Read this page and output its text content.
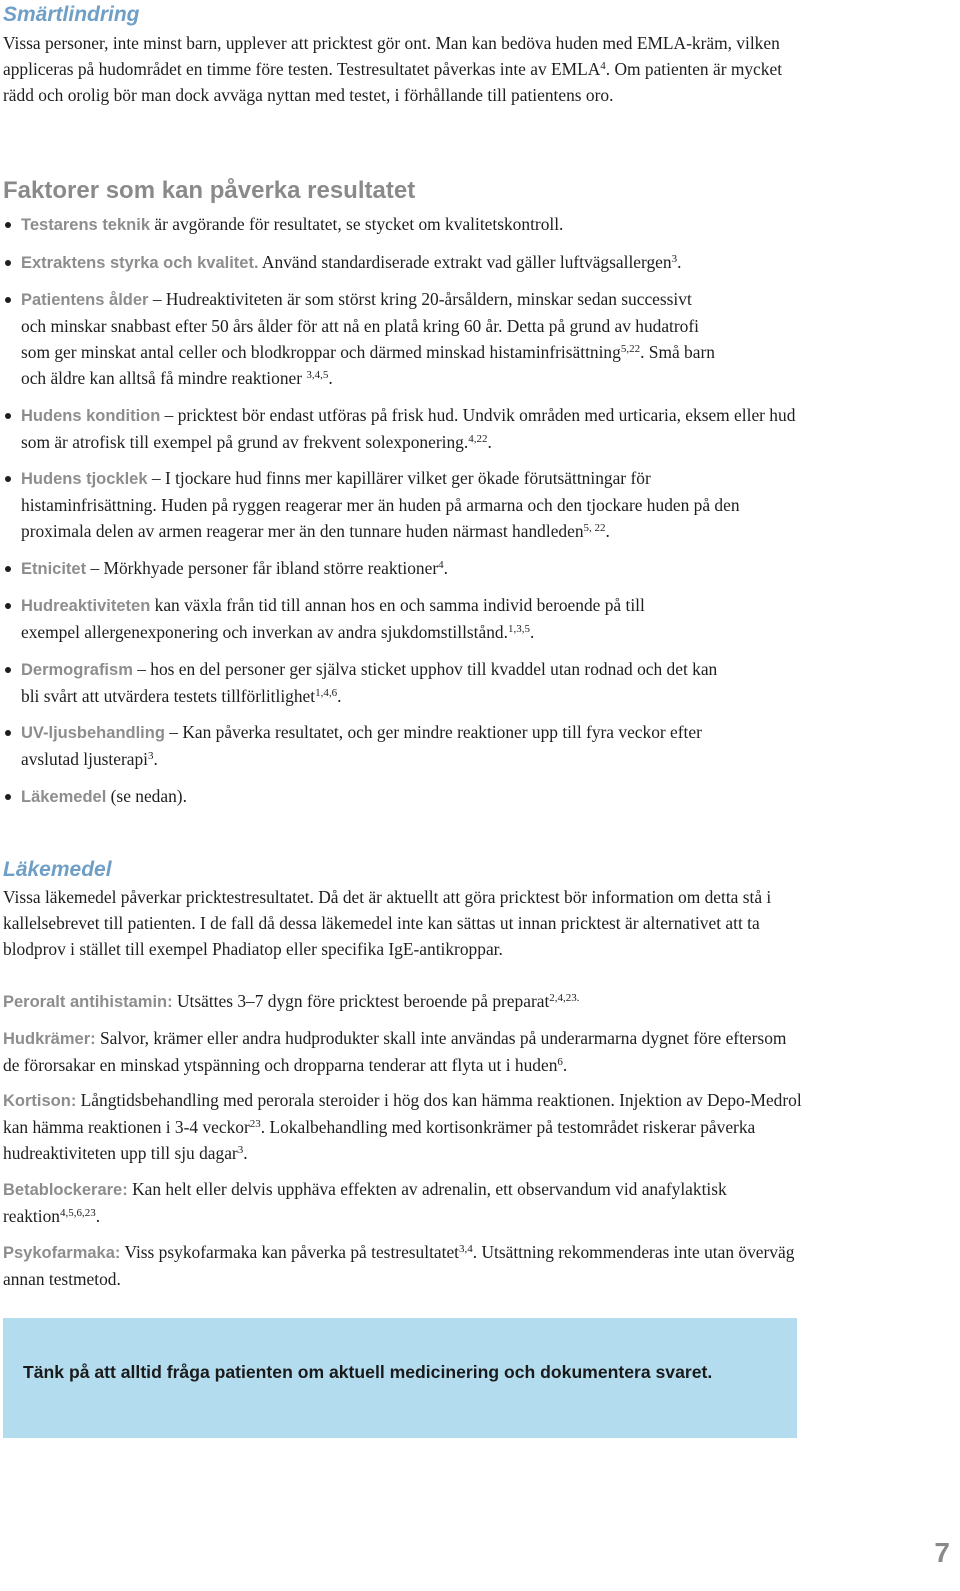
Smärtlindring

Vissa personer, inte minst barn, upplever att pricktest gör ont. Man kan bedöva huden med EMLA-kräm, vilken appliceras på hudområdet en timme före testen. Testresultatet påverkas inte av EMLA$^4$. Om patienten är mycket rädd och orolig bör man dock avväga nyttan med testet, i förhållande till patientens oro.

Faktorer som kan påverka resultatet
Testarens teknik är avgörande för resultatet, se stycket om kvalitetskontroll.
Extraktens styrka och kvalitet. Använd standardiserade extrakt vad gäller luftvägsallergen$^3$.
Patientens ålder – Hudreaktiviteten är som störst kring 20-årsåldern, minskar sedan successivt och minskar snabbast efter 50 års ålder för att nå en platå kring 60 år. Detta på grund av hudatrofi som ger minskat antal celler och blodkroppar och därmed minskad histaminfrisättning$^{5,22}$. Små barn och äldre kan alltså få mindre reaktioner $^{3,4,5}$.
Hudens kondition – pricktest bör endast utföras på frisk hud. Undvik områden med urticaria, eksem eller hud som är atrofisk till exempel på grund av frekvent solexponering.$^{4,22}$.
Hudens tjocklek – I tjockare hud finns mer kapillärer vilket ger ökade förutsättningar för histaminfrisättning. Huden på ryggen reagerar mer än huden på armarna och den tjockare huden på den proximala delen av armen reagerar mer än den tunnare huden närmast handleden$^{5, 22}$.
Etnicitet – Mörkhyade personer får ibland större reaktioner$^4$.
Hudreaktiviteten kan växla från tid till annan hos en och samma individ beroende på till exempel allergenexponering och inverkan av andra sjukdomstillstånd.$^{1,3,5}$.
Dermografism – hos en del personer ger själva sticket upphov till kvaddel utan rodnad och det kan bli svårt att utvärdera testets tillförlitlighet$^{1,4,6}$.
UV-ljusbehandling – Kan påverka resultatet, och ger mindre reaktioner upp till fyra veckor efter avslutad ljusterapi$^3$.
Läkemedel (se nedan).
Läkemedel

Vissa läkemedel påverkar pricktestresultatet. Då det är aktuellt att göra pricktest bör information om detta stå i kallelsebrevet till patienten. I de fall då dessa läkemedel inte kan sättas ut innan pricktest är alternativet att ta blodprov i stället till exempel Phadiatop eller specifika IgE-antikroppar.

Peroralt antihistamin: Utsättes 3–7 dygn före pricktest beroende på preparat$^{2,4,23.}$

Hudkrämer: Salvor, krämer eller andra hudprodukter skall inte användas på underarmarna dygnet före eftersom de förorsakar en minskad ytspänning och dropparna tenderar att flyta ut i huden$^6$.

Kortison: Långtidsbehandling med perorala steroider i hög dos kan hämma reaktionen. Injektion av Depo-Medrol kan hämma reaktionen i 3-4 veckor$^{23}$. Lokalbehandling med kortisonkrämer på testområdet riskerar påverka hudreaktiviteten upp till sju dagar$^3$.

Betablockerare: Kan helt eller delvis upphäva effekten av adrenalin, ett observandum vid anafylaktisk reaktion$^{4,5,6,23}$.

Psykofarmaka: Viss psykofarmaka kan påverka på testresultatet$^{3,4}$. Utsättning rekommenderas inte utan överväg annan testmetod.

Tänk på att alltid fråga patienten om aktuell medicinering och dokumentera svaret.
7
